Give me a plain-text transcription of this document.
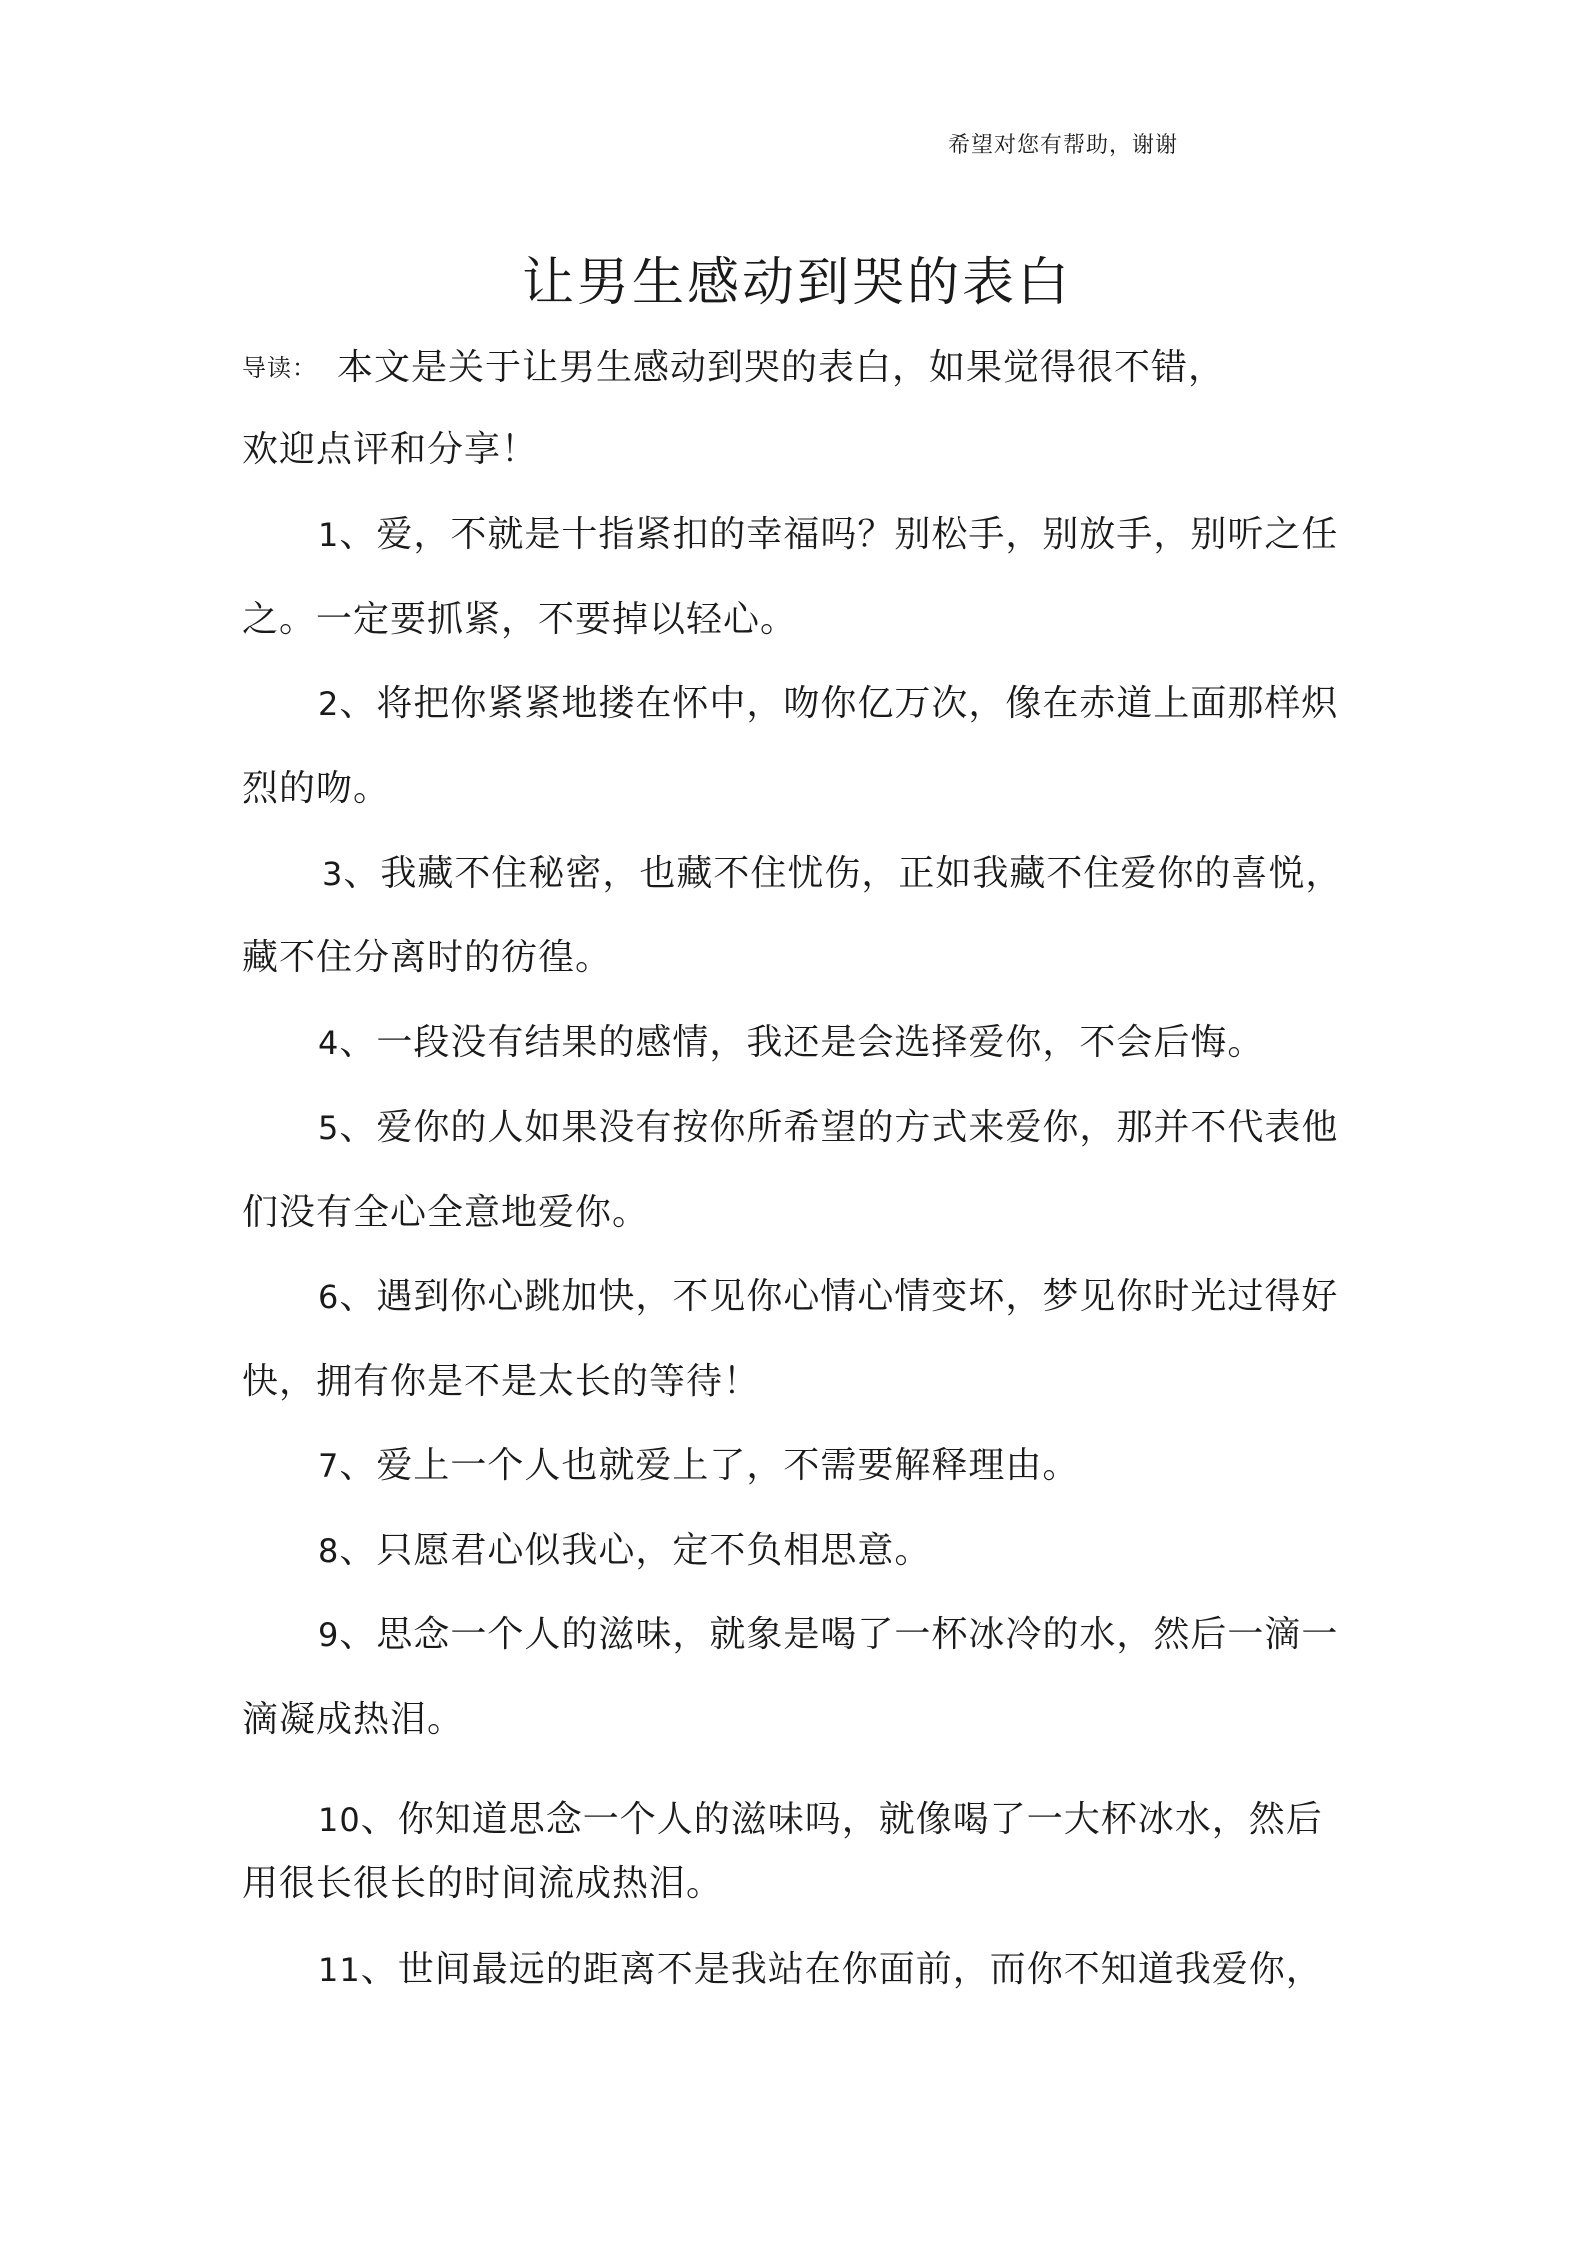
希望对您有帮助，谢谢
让男生感动到哭的表白
导读： 本文是关于让男生感动到哭的表白，如果觉得很不错，
欢迎点评和分享！
1、爱，不就是十指紧扣的幸福吗？别松手，别放手，别听之任
之。一定要抓紧，不要掉以轻心。
2、将把你紧紧地搂在怀中，吻你亿万次，像在赤道上面那样炽
烈的吻。
3、我藏不住秘密，也藏不住忧伤，正如我藏不住爱你的喜悦，
藏不住分离时的彷徨。
4、一段没有结果的感情，我还是会选择爱你，不会后悔。
5、爱你的人如果没有按你所希望的方式来爱你，那并不代表他
们没有全心全意地爱你。
6、遇到你心跳加快，不见你心情心情变坏，梦见你时光过得好
快，拥有你是不是太长的等待！
7、爱上一个人也就爱上了，不需要解释理由。
8、只愿君心似我心，定不负相思意。
9、思念一个人的滋味，就象是喝了一杯冰冷的水，然后一滴一
滴凝成热泪。
10、你知道思念一个人的滋味吗，就像喝了一大杯冰水，然后
用很长很长的时间流成热泪。
11、世间最远的距离不是我站在你面前，而你不知道我爱你，
